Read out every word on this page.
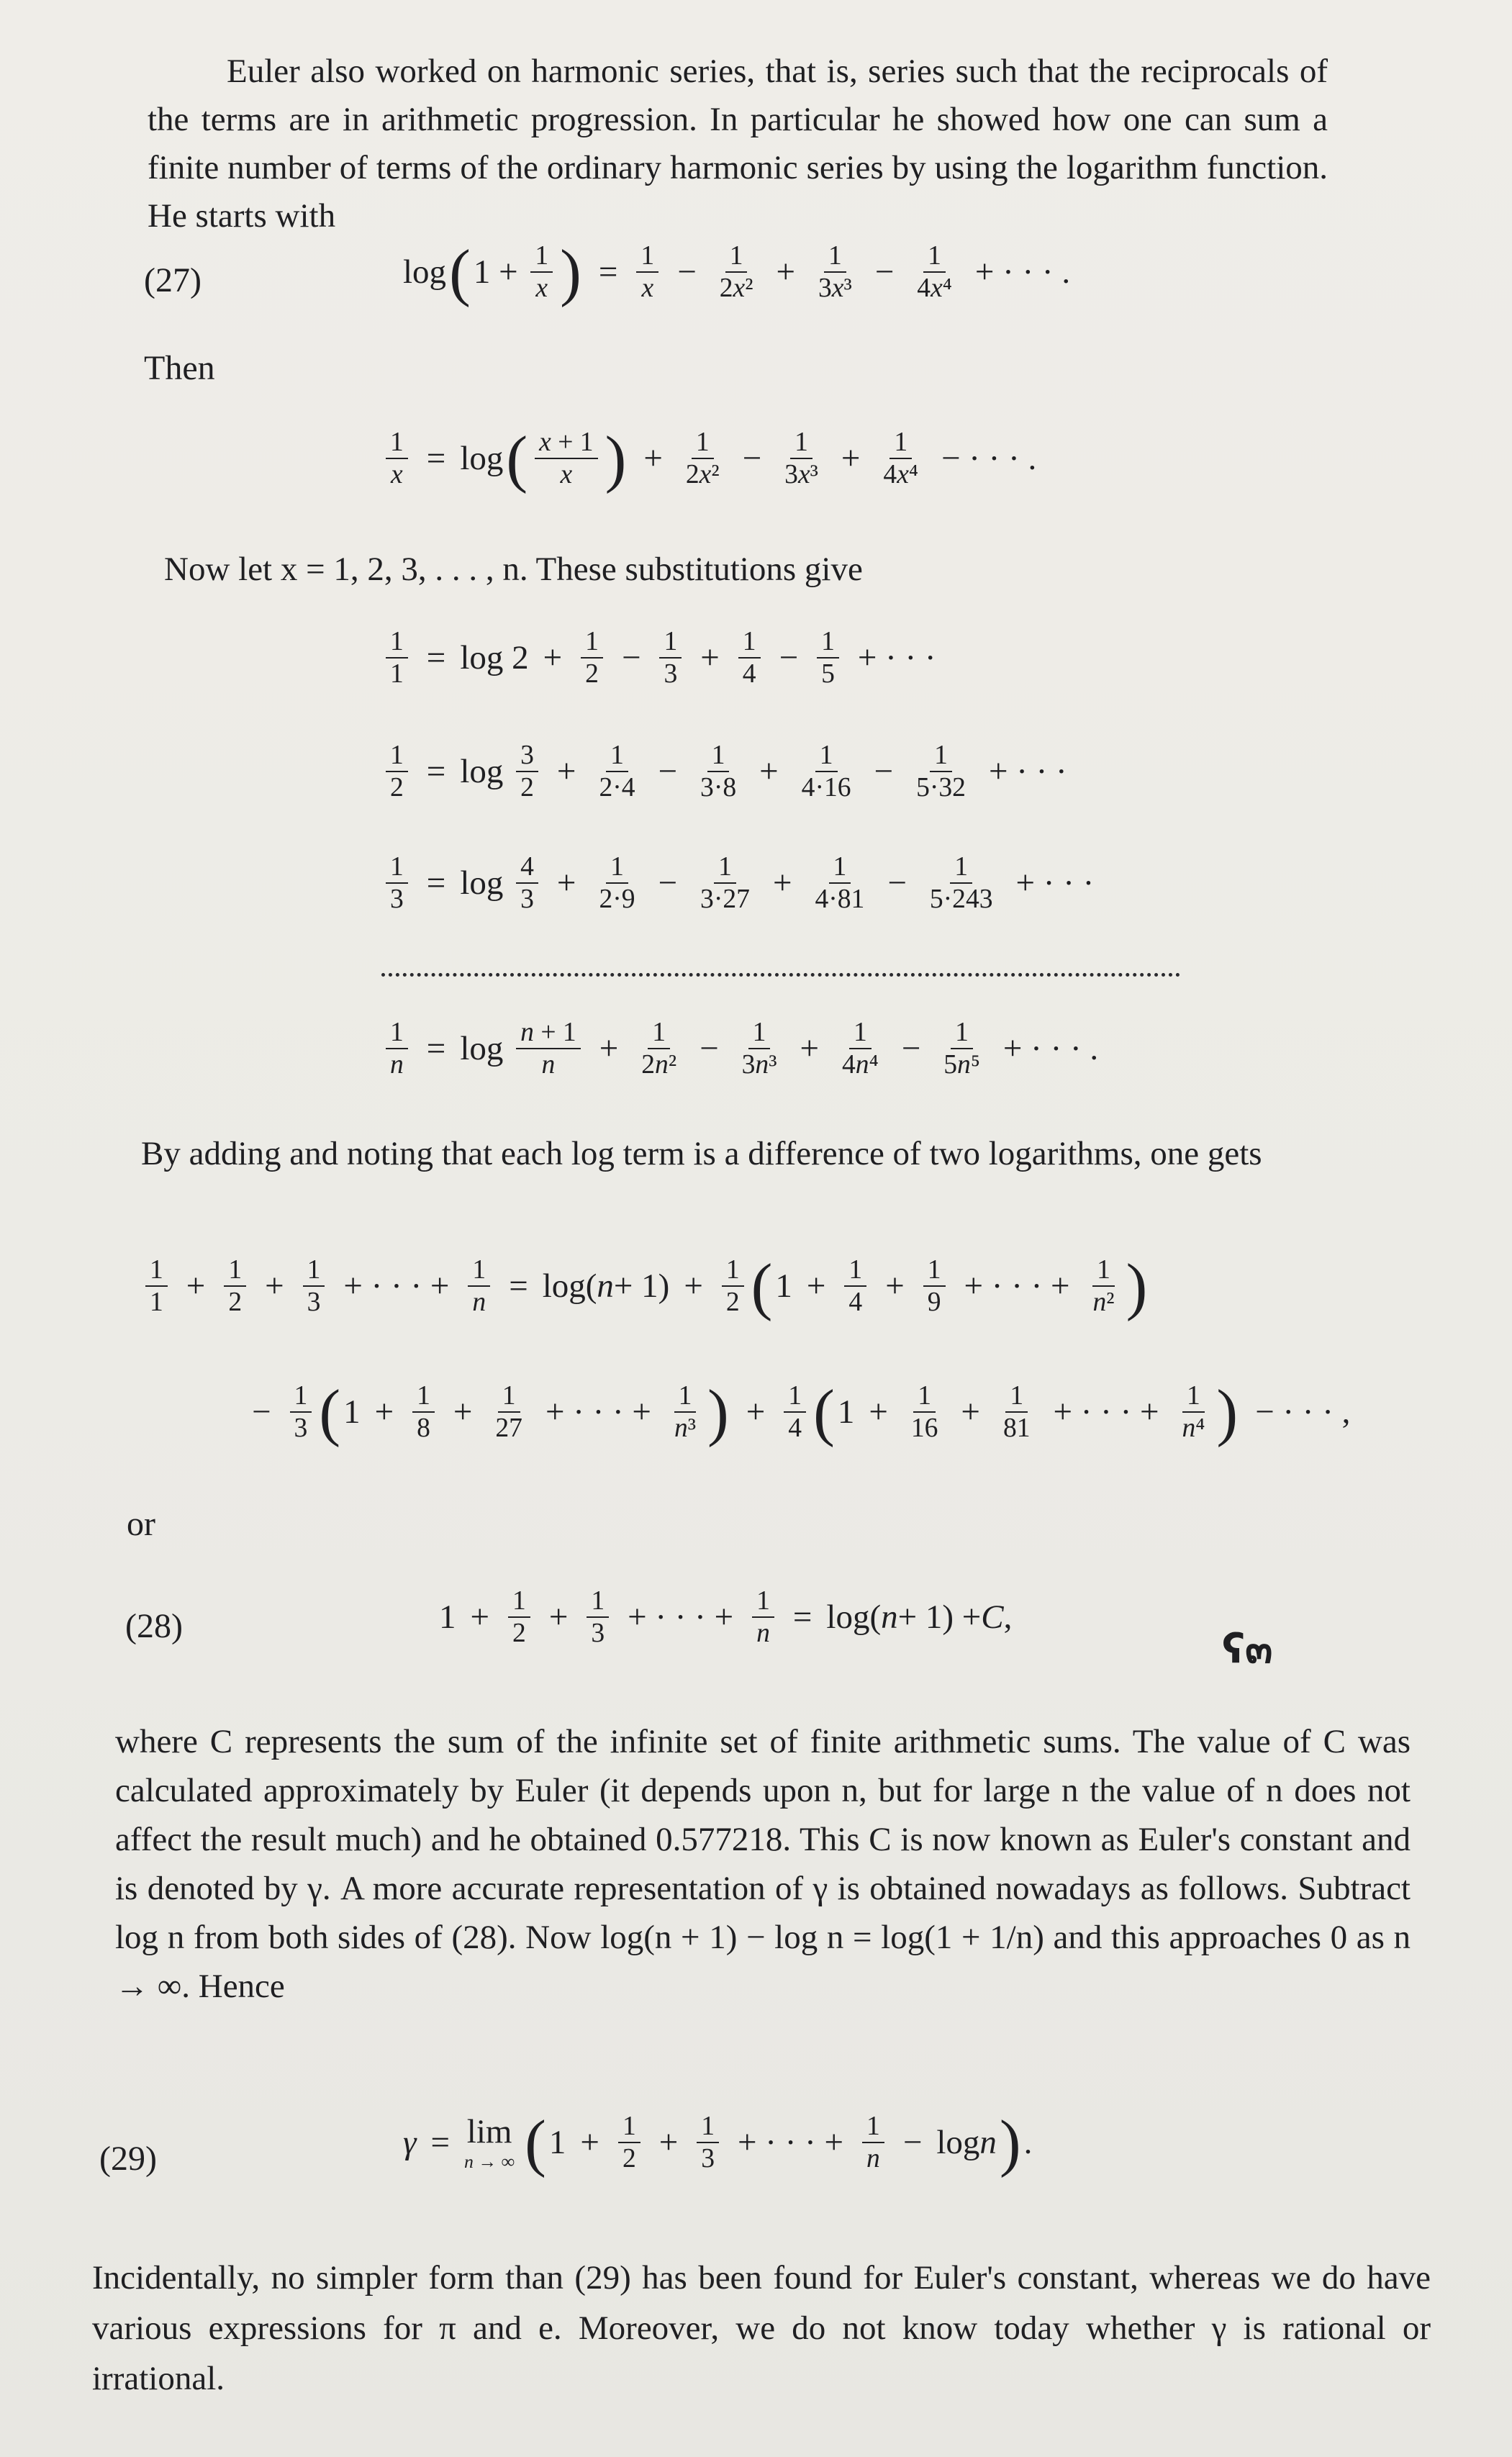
Euler also worked on harmonic series, that is, series such that the reciprocals of the terms are in arithmetic progression. In particular he showed how one can sum a finite number of terms of the ordinary harmonic series by using the logarithm function. He starts with

(27)	log ( $1 + \frac{1}{x}$ ) = $\frac{1}{x} - \frac{1}{\text{2x²}} + \frac{1}{\text{3x³}} - \frac{1}{\text{4x⁴}}$ + · · · .
Then
$\frac{1}{x} = \log$ ( $\frac{x + 1}{x}$ ) + $\frac{1}{\text{2x²}} - \frac{1}{\text{3x³}} + \frac{1}{\text{4x⁴}}$ − · · · .

Now let x = 1, 2, 3, . . . , n. These substitutions give

$\frac{1}{1} = \log 2 + \frac{1}{2} - \frac{1}{3} + \frac{1}{4} - \frac{1}{5}$ + · · ·
$\frac{1}{2} = \log \frac{3}{2} + \frac{1}{2\cdot 4} - \frac{1}{3\cdot 8} + \frac{1}{4\cdot 16} - \frac{1}{5\cdot 32}$ + · · ·
$\frac{1}{3} = \log \frac{4}{3} + \frac{1}{2\cdot 9} - \frac{1}{3\cdot 27} + \frac{1}{4\cdot 81} - \frac{1}{5\cdot 243}$ + · · ·
$\frac{1}{n} = \log \frac{n + 1}{n} + \frac{1}{\text{2n²}} - \frac{1}{\text{3n³}} + \frac{1}{\text{4n⁴}} - \frac{1}{\text{5n⁵}}$ + · · · .

By adding and noting that each log term is a difference of two logarithms, one gets

$\frac{1}{1} + \frac{1}{2} + \frac{1}{3}$ + · · · + $\frac{1}{n} = \log$( $n + 1) + \frac{1}{2}$ ( $1 + \frac{1}{4} + \frac{1}{9}$ + · · · + $\frac{1}{\text{n²}}$ )
− $\frac{1}{3}$ ( $1 + \frac{1}{8} + \frac{1}{27}$ + · · · + $\frac{1}{\text{n³}}$ ) + $\frac{1}{4}$ ( $1 + \frac{1}{16} + \frac{1}{81}$ + · · · + $\frac{1}{\text{n⁴}}$ ) − · · · ,
or
(28)	$1 + \frac{1}{2} + \frac{1}{3}$ + · · · + $\frac{1}{n} = \log$( n + 1) + C ,
ʕ๓

where C represents the sum of the infinite set of finite arithmetic sums. The value of C was calculated approximately by Euler (it depends upon n, but for large n the value of n does not affect the result much) and he obtained 0.577218. This C is now known as Euler's constant and is denoted by γ. A more accurate representation of γ is obtained nowadays as follows. Subtract log n from both sides of (28). Now log(n + 1) − log n = log(1 + 1/n) and this approaches 0 as n → ∞. Hence

(29)	γ = lim
n → ∞ ( $1 + \frac{1}{2} + \frac{1}{3}$ + · · · + $\frac{1}{n} - \log n$ ) .

Incidentally, no simpler form than (29) has been found for Euler's constant, whereas we do have various expressions for π and e. Moreover, we do not know today whether γ is rational or irrational.
